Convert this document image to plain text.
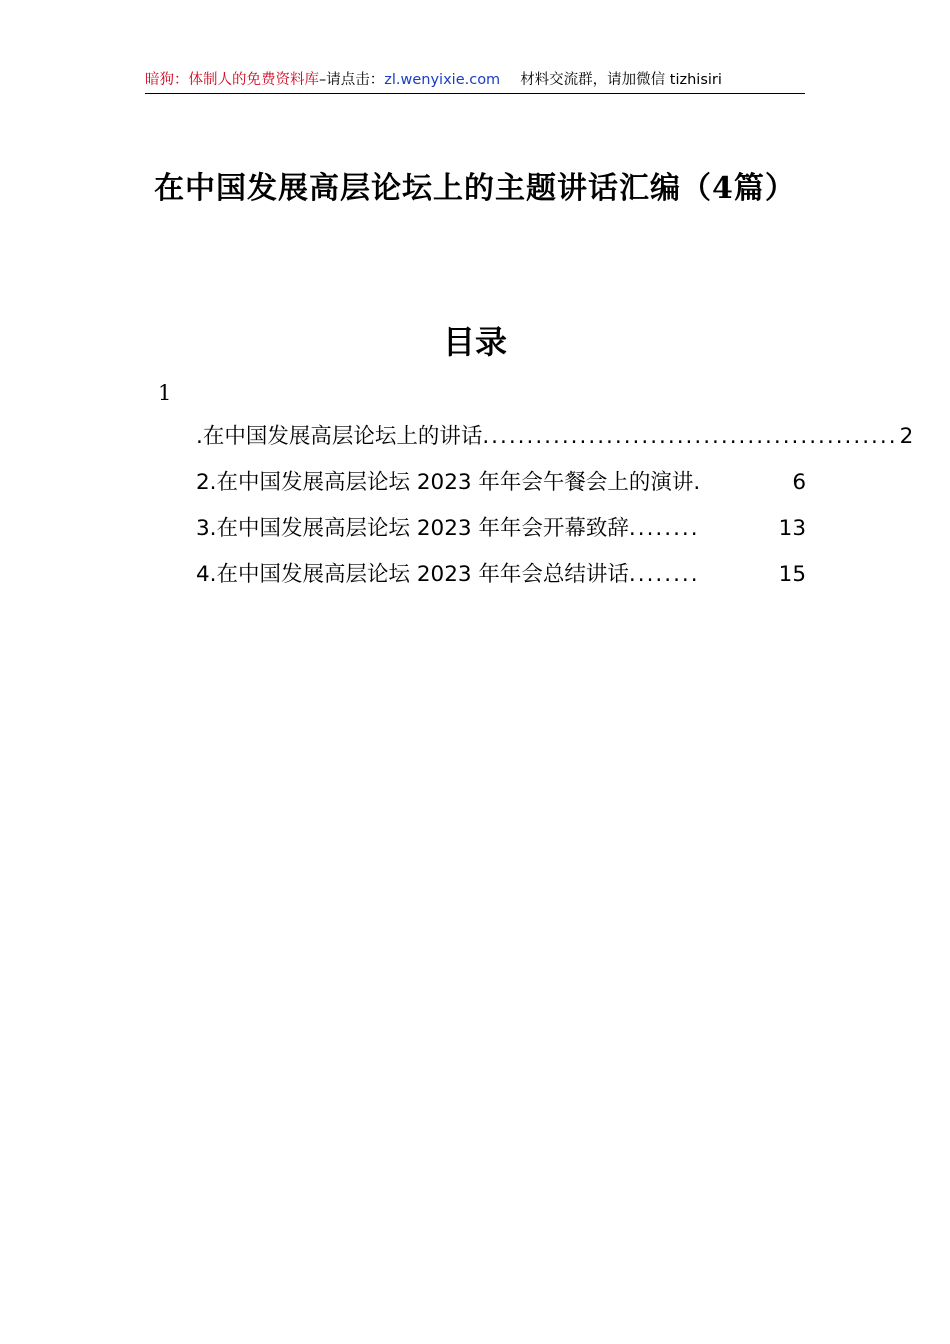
暗狗：体制人的免费资料库–请点击：zl.wenyixie.com 材料交流群，请加微信 tizhisiri
在中国发展高层论坛上的主题讲话汇编（4篇）
目录
1
.在中国发展高层论坛上的讲话 ............................................... 2
2.在中国发展高层论坛 2023 年年会午餐会上的演讲 .	6
3.在中国发展高层论坛 2023 年年会开幕致辞 ........	13
4.在中国发展高层论坛 2023 年年会总结讲话 ........	15
